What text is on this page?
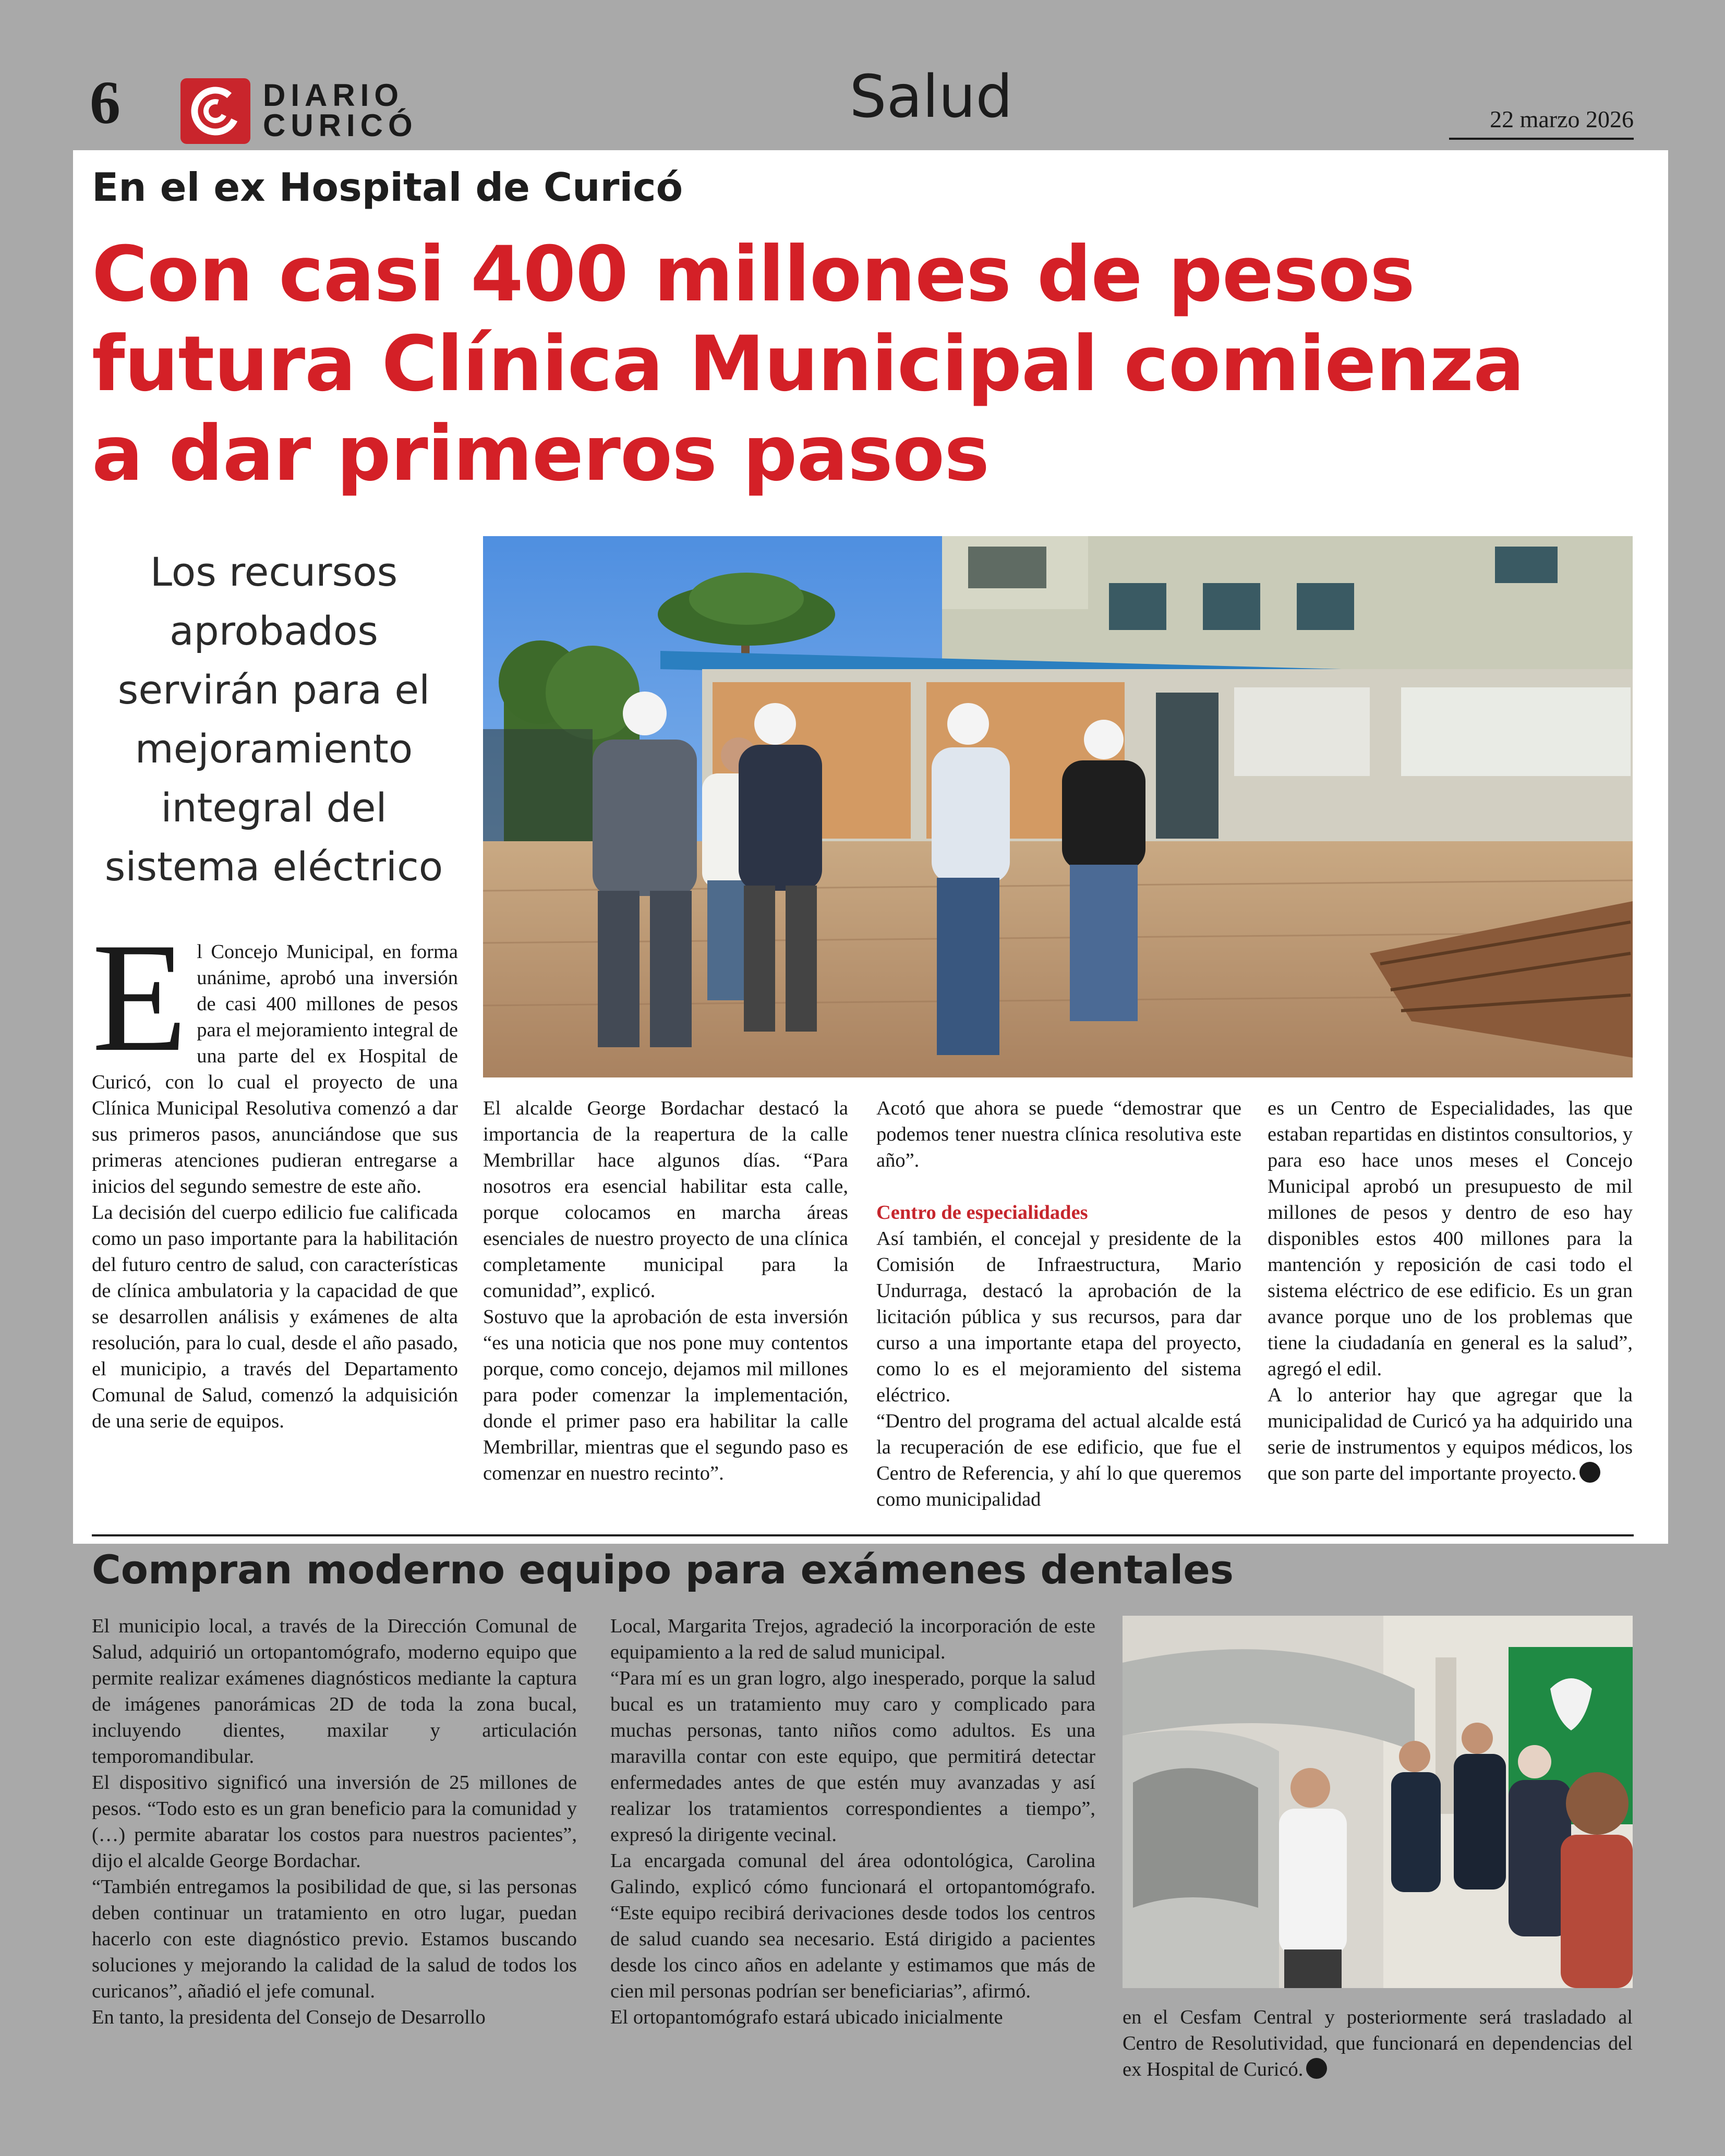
6	DIARIO
CURICÓ	Salud	22 marzo 2026
En el ex Hospital de Curicó
Con casi 400 millones de pesos
futura Clínica Municipal comienza
a dar primeros pasos
Los recursos
aprobados
servirán para el
mejoramiento
integral del
sistema eléctrico
E l Concejo Municipal, en forma unánime, aprobó una inversión de casi 400 millones de pesos para el mejoramiento integral de una parte del ex Hospital de Curicó, con lo cual el proyecto de una Clínica Municipal Resolutiva comenzó a dar sus primeros pasos, anunciándose que sus primeras atenciones pudieran entregarse a inicios del segundo semestre de este año.

La decisión del cuerpo edilicio fue calificada como un paso importante para la habilitación del futuro centro de salud, con características de clínica ambulatoria y la capacidad de que se desarrollen análisis y exámenes de alta resolución, para lo cual, desde el año pasado, el municipio, a través del Departamento Comunal de Salud, comenzó la adquisición de una serie de equipos.

El alcalde George Bordachar destacó la importancia de la reapertura de la calle Membrillar hace algunos días. “Para nosotros era esencial habilitar esta calle, porque colocamos en marcha áreas esenciales de nuestro proyecto de una clínica completamente municipal para la comunidad”, explicó.

Sostuvo que la aprobación de esta inversión “es una noticia que nos pone muy contentos porque, como concejo, dejamos mil millones para poder comenzar la implementación, donde el primer paso era habilitar la calle Membrillar, mientras que el segundo paso es comenzar en nuestro recinto”.

Acotó que ahora se puede “demostrar que podemos tener nuestra clínica resolutiva este año”.

Centro de especialidades

Así también, el concejal y presidente de la Comisión de Infraestructura, Mario Undurraga, destacó la aprobación de la licitación pública y sus recursos, para dar curso a una importante etapa del proyecto, como lo es el mejoramiento del sistema eléctrico.

“Dentro del programa del actual alcalde está la recuperación de ese edificio, que fue el Centro de Referencia, y ahí lo que queremos como municipalidad

es un Centro de Especialidades, las que estaban repartidas en distintos consultorios, y para eso hace unos meses el Concejo Municipal aprobó un presupuesto de mil millones de pesos y dentro de eso hay disponibles estos 400 millones para la mantención y reposición de casi todo el sistema eléctrico de ese edificio. Es un gran avance porque uno de los problemas que tiene la ciudadanía en general es la salud”, agregó el edil.

A lo anterior hay que agregar que la municipalidad de Curicó ya ha adquirido una serie de instrumentos y equipos médicos, los que son parte del importante proyecto.

Compran moderno equipo para exámenes dentales

El municipio local, a través de la Dirección Comunal de Salud, adquirió un ortopantomógrafo, moderno equipo que permite realizar exámenes diagnósticos mediante la captura de imágenes panorámicas 2D de toda la zona bucal, incluyendo dientes, maxilar y articulación temporomandibular.

El dispositivo significó una inversión de 25 millones de pesos. “Todo esto es un gran beneficio para la comunidad y (…) permite abaratar los costos para nuestros pacientes”, dijo el alcalde George Bordachar.

“También entregamos la posibilidad de que, si las personas deben continuar un tratamiento en otro lugar, puedan hacerlo con este diagnóstico previo. Estamos buscando soluciones y mejorando la calidad de la salud de todos los curicanos”, añadió el jefe comunal.

En tanto, la presidenta del Consejo de Desarrollo

Local, Margarita Trejos, agradeció la incorporación de este equipamiento a la red de salud municipal.

“Para mí es un gran logro, algo inesperado, porque la salud bucal es un tratamiento muy caro y complicado para muchas personas, tanto niños como adultos. Es una maravilla contar con este equipo, que permitirá detectar enfermedades antes de que estén muy avanzadas y así realizar los tratamientos correspondientes a tiempo”, expresó la dirigente vecinal.

La encargada comunal del área odontológica, Carolina Galindo, explicó cómo funcionará el ortopantomógrafo. “Este equipo recibirá derivaciones desde todos los centros de salud cuando sea necesario. Está dirigido a pacientes desde los cinco años en adelante y estimamos que más de cien mil personas podrían ser beneficiarias”, afirmó.

El ortopantomógrafo estará ubicado inicialmente	en el Cesfam Central y posteriormente será trasladado al Centro de Resolutividad, que funcionará en dependencias del ex Hospital de Curicó.
